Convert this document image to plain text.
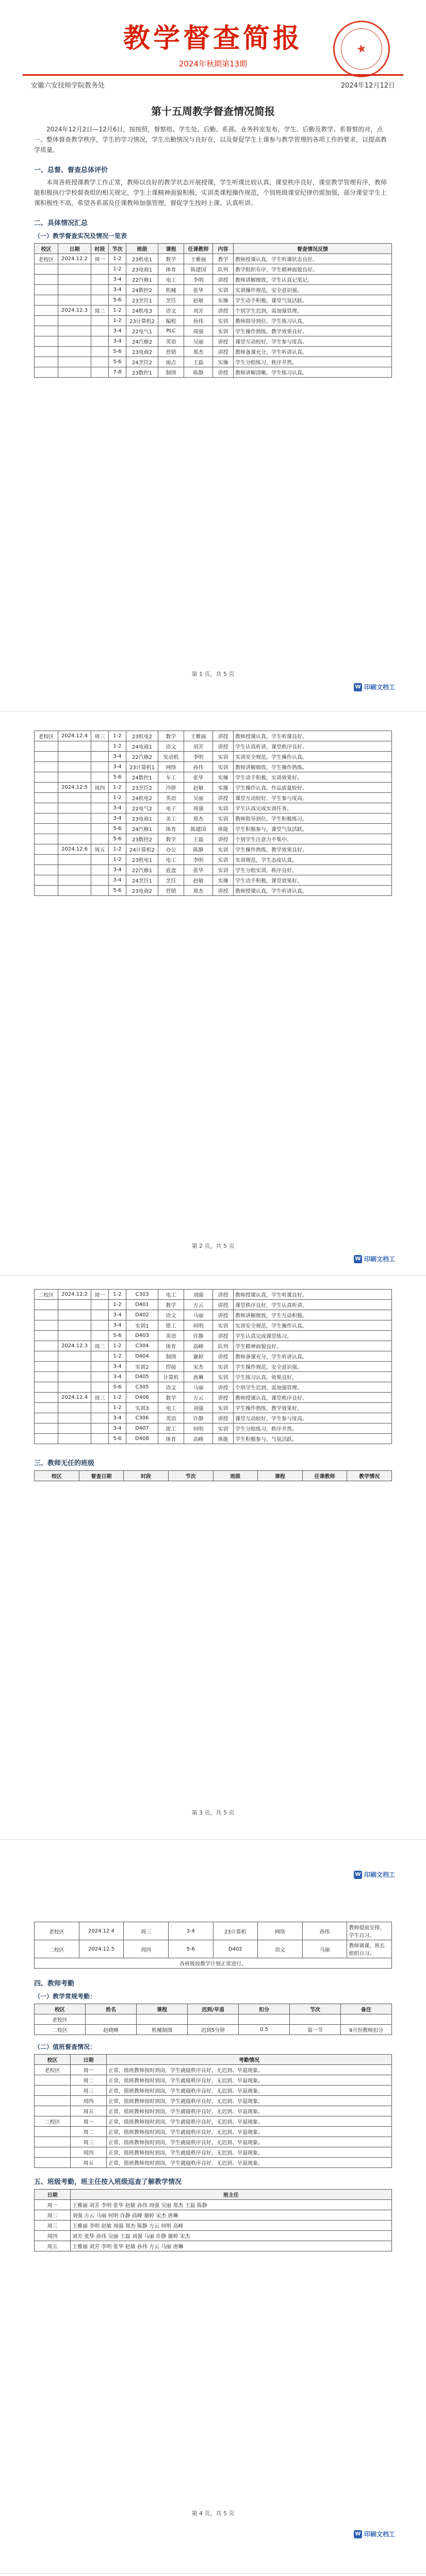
★
教学督查简报
2024年秋期第13期
安徽六安技师学院教务处	2024年12月12日
第十五周教学督查情况简报

2024年12月2日—12月6日，按按照，督察组、学生处、后勤、系部、业务科室发布，学生、后勤及教学、系督察的对，点一、整体督查教学秩序，学生的学习情况，学生出勤情况与良好在，以及督促学生上课参与教学管理的各项工作的要求，以提高教学质量。

一、总督、督查总体评价

本周各班授课教学工作正常，教师以良好的教学状态开展授课，学生听课比较认真，课堂秩序良好，课堂教学管理有序，教师能积极执行学校督查组的相关规定，学生上课精神面貌积极，实训类课程操作规范，个别班级课堂纪律仍需加强，部分课堂学生上课积极性不高，希望各系部及任课教师加强管理，督促学生按时上课、认真听讲。

二、具体情况汇总
（一）教学督查实况及情况一览表
校区	日期	时段	节次	班级	课程	任课教师	内容	督查情况反馈
老校区	2024.12.2	周一	1-2	23机电1	数学	王雅丽	教学	教师授课认真，学生听课状态良好。
			1-2	23电商1	体育	陈建国	队列	教学组织有序，学生精神面貌良好。
			3-4	22汽修1	电工	李明	讲授	教师讲解细致，学生认真记笔记。
			3-4	24数控2	机械	张华	实训	实训操作规范，安全意识强。
			5-6	23烹饪1	烹饪	赵敏	实操	学生动手积极，课堂气氛活跃。
	2024.12.3	周二	1-2	24机电3	语文	刘芳	讲授	个别学生迟到，需加强管理。
			1-2	23计算机2	编程	孙伟	实训	教师指导到位，学生练习认真。
			3-4	22电气1	PLC	周强	实训	学生操作熟练，教学效果良好。
			3-4	24汽修2	英语	吴丽	讲授	课堂互动较好，学生参与度高。
			5-6	23电商2	营销	郑杰	讲授	教师备课充分，学生听讲认真。
			5-6	24烹饪2	面点	王磊	实操	学生分组练习，秩序井然。
			7-8	23数控1	制图	陈静	讲授	教师讲解清晰，学生练习认真。
第 1 页，共 5 页
W 印刷文档工
老校区	2024.12.4	周三	1-2	23机电2	数学	王雅丽	讲授	教师授课认真，学生听课良好。
			1-2	24电商1	语文	刘芳	讲授	学生认真听讲，课堂秩序良好。
			3-4	22汽修2	发动机	李明	实训	实训安全规范，学生操作认真。
			3-4	23计算机1	网络	孙伟	实训	教师讲解细致，学生操作熟练。
			5-6	24数控1	车工	张华	实操	学生动手积极，实训效果好。
	2024.12.5	周四	1-2	23烹饪2	冷拼	赵敏	实操	学生操作认真，作品质量较好。
			1-2	24机电2	英语	吴丽	讲授	课堂互动较好，学生参与度高。
			3-4	22电气2	电子	周强	实训	学生认真完成实训任务。
			3-4	23电商1	美工	郑杰	实训	教师指导到位，学生积极练习。
			5-6	24汽修1	体育	陈建国	体能	学生积极参与，课堂气氛活跃。
			5-6	23数控2	数学	王磊	讲授	个别学生注意力不集中。
	2024.12.6	周五	1-2	24计算机2	办公	陈静	实训	学生操作熟练，教学效果良好。
			1-2	23机电1	电工	李明	实训	实训规范，学生态度认真。
			3-4	22汽修1	底盘	张华	实训	学生分组实训，秩序良好。
			3-4	24烹饪1	烹饪	赵敏	实操	学生动手积极，课堂效果好。
			5-6	23电商2	营销	郑杰	讲授	教师授课认真，学生听讲认真。
第 2 页，共 5 页
W 印刷文档工
二校区	2024.12.2	周一	1-2	C303	电工	刘强	讲授	教师授课认真，学生听课良好。
			1-2	D401	数学	方云	讲授	课堂秩序良好，学生认真听讲。
			3-4	D402	语文	马丽	讲授	教师讲解细致，学生互动积极。
			3-4	实训1	钳工	何明	实训	实训安全规范，学生操作认真。
			5-6	D403	英语	许静	讲授	学生认真完成课堂练习。
	2024.12.3	周二	1-2	C304	体育	高峰	队列	学生精神面貌良好。
			1-2	D404	制图	谢婷	讲授	教师备课充分，学生听讲认真。
			3-4	实训2	焊接	宋杰	实训	学生操作规范，安全意识强。
			3-4	D405	计算机	唐琳	实训	学生练习认真，效果良好。
			5-6	C305	语文	马丽	讲授	个别学生迟到，需加强管理。
	2024.12.4	周三	1-2	D406	数学	方云	讲授	教师授课认真，课堂秩序良好。
			1-2	实训3	电工	刘强	实训	学生操作熟练，教学效果好。
			3-4	C306	英语	许静	讲授	课堂互动较好，学生参与度高。
			3-4	D407	钳工	何明	实训	学生分组练习，秩序井然。
			5-6	D408	体育	高峰	体能	学生积极参与，气氛活跃。
三、教师无任的班级
校区	督查日期	时段	节次	班级	课程	任课教师	教学情况
第 3 页，共 5 页
W 印刷文档工
老校区	2024.12.4	周三	3-4	23计算机	网络	孙伟	教师提前安排，学生自习。
二校区	2024.12.5	周四	5-6	D402	语文	马丽	教师调课，班长组织自习。
各班级按教学计划正常进行。							
四、教师考勤
（一）教学常规考勤：
校区	姓名	课程	迟到/早退	扣分	节次	备注
老校区						
二校区	赵晓峰	机械制图	迟到5分钟	0.5	第一节	9月份教师扣分
（二）值班督查情况：
校区	日期	考勤情况
老校区	周一	正常，值班教师按时到岗，学生就寝秩序良好，无迟到、早退现象。
	周二	正常，值班教师按时到岗，学生就寝秩序良好，无迟到、早退现象。
	周三	正常，值班教师按时到岗，学生就寝秩序良好，无迟到、早退现象。
	周四	正常，值班教师按时到岗，学生就寝秩序良好，无迟到、早退现象。
	周五	正常，值班教师按时到岗，学生就寝秩序良好，无迟到、早退现象。
二校区	周一	正常，值班教师按时到岗，学生就寝秩序良好，无迟到、早退现象。
	周二	正常，值班教师按时到岗，学生就寝秩序良好，无迟到、早退现象。
	周三	正常，值班教师按时到岗，学生就寝秩序良好，无迟到、早退现象。
	周四	正常，值班教师按时到岗，学生就寝秩序良好，无迟到、早退现象。
	周五	正常，值班教师按时到岗，学生就寝秩序良好，无迟到、早退现象。
五、班级考勤，班主任按入班级巡查了解教学情况
日期	班主任
周一	王雅丽 刘芳 李明 张华 赵敏 孙伟 周强 吴丽 郑杰 王磊 陈静
周二	刘强 方云 马丽 何明 许静 高峰 谢婷 宋杰 唐琳
周三	王雅丽 李明 赵敏 周强 郑杰 陈静 方云 何明 高峰
周四	刘芳 张华 孙伟 吴丽 王磊 刘强 马丽 许静 谢婷 宋杰
周五	王雅丽 刘芳 李明 张华 赵敏 孙伟 方云 马丽 唐琳
第 4 页，共 5 页
W 印刷文档工
